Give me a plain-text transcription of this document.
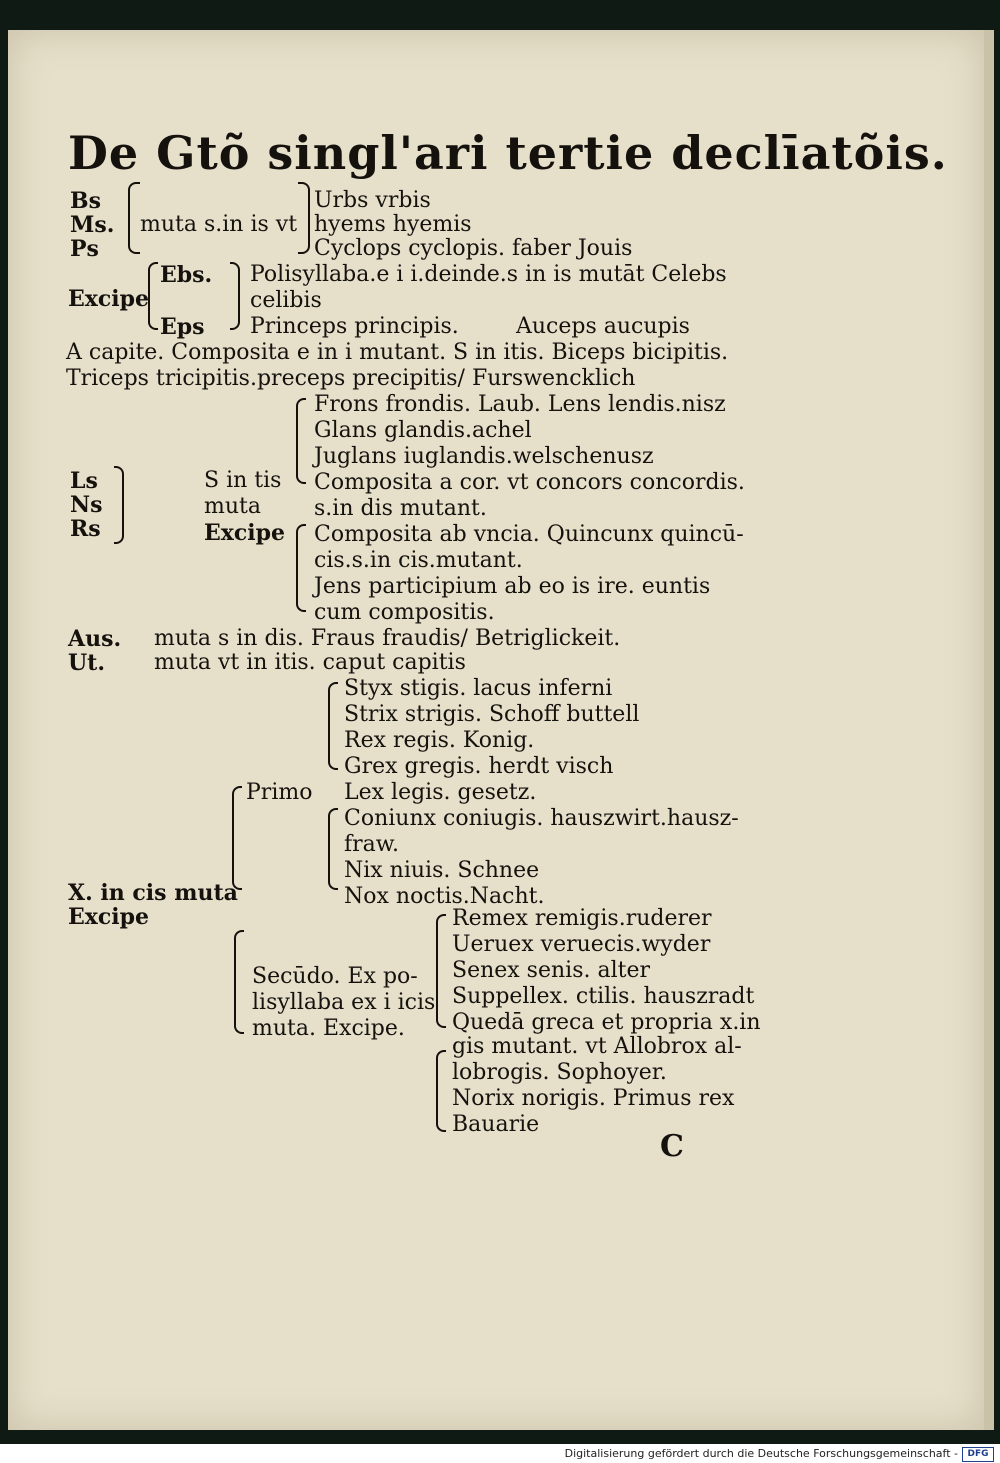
De Gtõ singl'ari tertie declīatõis.
Bs
Ms.
Ps
muta s.in is vt
Urbs vrbis
hyems hyemis
Cyclops cyclopis. faber Jouis
Excipe
Ebs.
Eps
Polisyllaba.e i i.deinde.s in is mutāt Celebs
celibis
Princeps principis.	Auceps aucupis
A capite. Composita e in i mutant. S in itis. Biceps bicipitis.
Triceps tricipitis.preceps precipitis/ Furswencklich
Frons frondis. Laub. Lens lendis.nisz
Glans glandis.achel
Juglans iuglandis.welschenusz
Ls
Ns
Rs
S in tis
muta
Excipe
Composita a cor. vt concors concordis.
s.in dis mutant.
Composita ab vncia. Quincunx quincū-
cis.s.in cis.mutant.
Jens participium ab eo is ire. euntis
cum compositis.
Aus. muta s in dis. Fraus fraudis/ Betriglickeit.
Ut. muta vt in itis. caput capitis
Styx stigis. lacus inferni
Strix strigis. Schoff buttell
Rex regis. Konig.
Grex gregis. herdt visch
Primo Lex legis. gesetz.
Coniunx coniugis. hauszwirt.hausz-
fraw.
Nix niuis. Schnee
Nox noctis.Nacht.
X. in cis muta
Excipe	Remex remigis.ruderer
Ueruex veruecis.wyder
Senex senis. alter
Secūdo. Ex po-
lisyllaba ex i icis
muta. Excipe.
Suppellex. ctilis. hauszradt
Quedā greca et propria x.in
gis mutant. vt Allobrox al-
lobrogis. Sophoyer.
Norix norigis. Primus rex
Bauarie
C
Digitalisierung gefördert durch die Deutsche Forschungsgemeinschaft -	DFG
